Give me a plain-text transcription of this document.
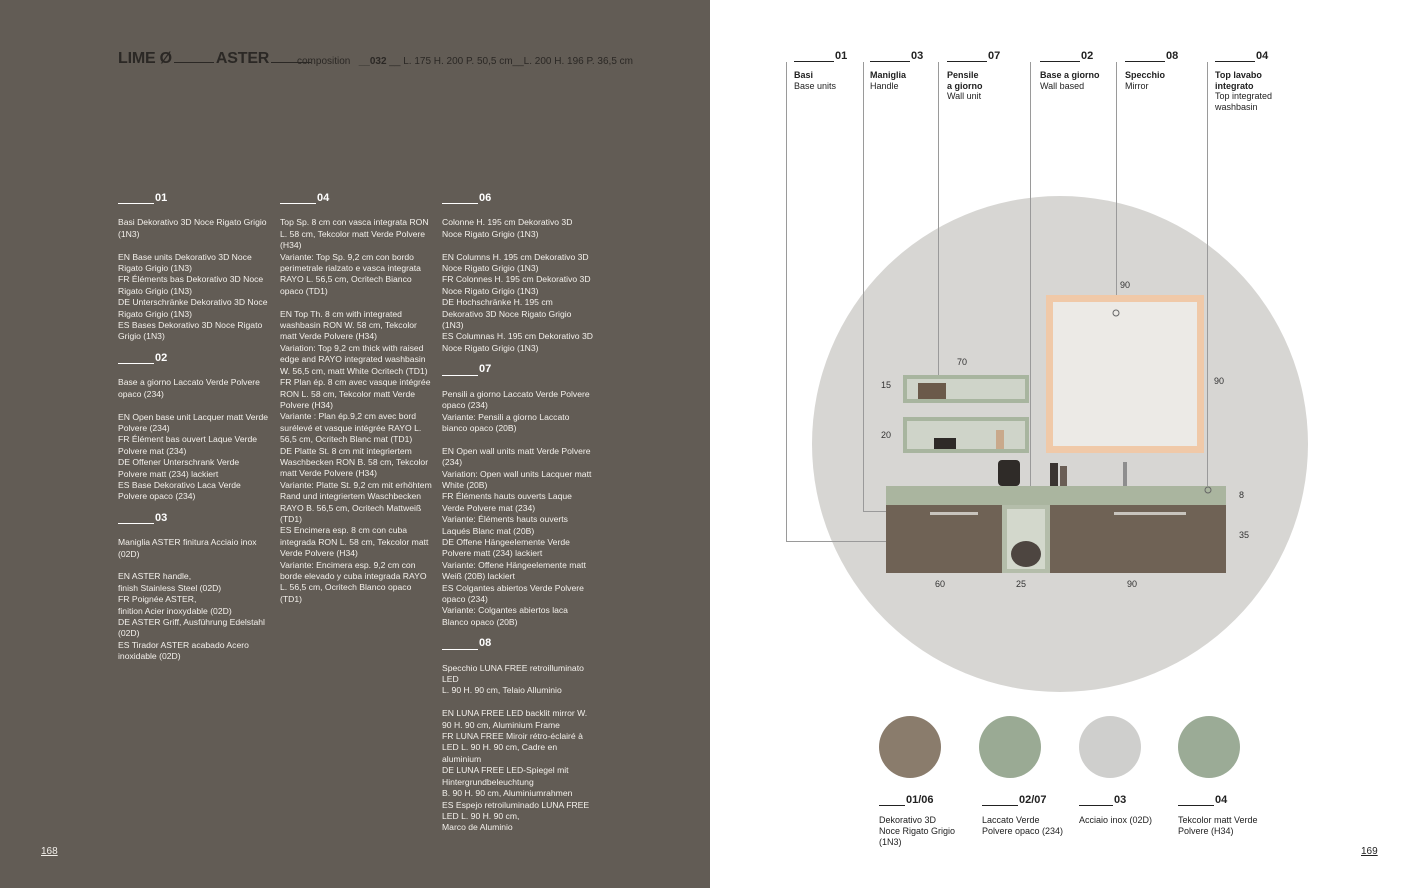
LIME Ø	ASTER	composition __032 __ L. 175 H. 200 P. 50,5 cm__L. 200 H. 196 P. 36,5 cm
01
Basi Dekorativo 3D Noce Rigato Grigio (1N3)

EN Base units Dekorativo 3D Noce Rigato Grigio (1N3)
FR Éléments bas Dekorativo 3D Noce Rigato Grigio (1N3)
DE Unterschränke Dekorativo 3D Noce Rigato Grigio (1N3)
ES Bases Dekorativo 3D Noce Rigato Grigio (1N3)
02
Base a giorno Laccato Verde Polvere opaco (234)

EN Open base unit Lacquer matt Verde Polvere (234)
FR Élément bas ouvert Laque Verde Polvere mat (234)
DE Offener Unterschrank Verde Polvere matt (234) lackiert
ES Base Dekorativo Laca Verde Polvere opaco (234)
03
Maniglia ASTER finitura Acciaio inox (02D)

EN ASTER handle,
finish Stainless Steel (02D)
FR Poignée ASTER,
finition Acier inoxydable (02D)
DE ASTER Griff, Ausführung Edelstahl (02D)
ES Tirador ASTER acabado Acero inoxidable (02D)
04
Top Sp. 8 cm con vasca integrata RON L. 58 cm, Tekcolor matt Verde Polvere (H34)
Variante: Top Sp. 9,2 cm con bordo perimetrale rialzato e vasca integrata RAYO L. 56,5 cm, Ocritech Bianco opaco (TD1)

EN Top Th. 8 cm with integrated washbasin RON W. 58 cm, Tekcolor matt Verde Polvere (H34)
Variation: Top 9,2 cm thick with raised edge and RAYO integrated washbasin W. 56,5 cm, matt White Ocritech (TD1)
FR Plan ép. 8 cm avec vasque intégrée RON L. 58 cm, Tekcolor matt Verde Polvere (H34)
Variante : Plan ép.9,2 cm avec bord surélevé et vasque intégrée RAYO L. 56,5 cm, Ocritech Blanc mat (TD1)
DE Platte St. 8 cm mit integriertem Waschbecken RON B. 58 cm, Tekcolor matt Verde Polvere (H34)
Variante: Platte St. 9,2 cm mit erhöhtem Rand und integriertem Waschbecken RAYO B. 56,5 cm, Ocritech Mattweiß (TD1)
ES Encimera esp. 8 cm con cuba integrada RON L. 58 cm, Tekcolor matt Verde Polvere (H34)
Variante: Encimera esp. 9,2 cm con borde elevado y cuba integrada RAYO L. 56,5 cm, Ocritech Blanco opaco (TD1)
06
Colonne H. 195 cm Dekorativo 3D Noce Rigato Grigio (1N3)

EN Columns H. 195 cm Dekorativo 3D Noce Rigato Grigio (1N3)
FR Colonnes H. 195 cm Dekorativo 3D Noce Rigato Grigio (1N3)
DE Hochschränke H. 195 cm Dekorativo 3D Noce Rigato Grigio (1N3)
ES Columnas H. 195 cm Dekorativo 3D Noce Rigato Grigio (1N3)
07
Pensili a giorno Laccato Verde Polvere opaco (234)
Variante: Pensili a giorno Laccato bianco opaco (20B)

EN Open wall units matt Verde Polvere (234)
Variation: Open wall units Lacquer matt White (20B)
FR Éléments hauts ouverts Laque Verde Polvere mat (234)
Variante: Éléments hauts ouverts Laqués Blanc mat (20B)
DE Offene Hängeelemente Verde Polvere matt (234) lackiert
Variante: Offene Hängeelemente matt Weiß (20B) lackiert
ES Colgantes abiertos Verde Polvere opaco (234)
Variante: Colgantes abiertos laca Blanco opaco (20B)
08
Specchio LUNA FREE retroilluminato LED
L. 90 H. 90 cm, Telaio Alluminio

EN LUNA FREE LED backlit mirror W. 90 H. 90 cm, Aluminium Frame
FR LUNA FREE Miroir rétro-éclairé à LED L. 90 H. 90 cm, Cadre en aluminium
DE LUNA FREE LED-Spiegel mit Hintergrundbeleuchtung
B. 90 H. 90 cm, Aluminiumrahmen
ES Espejo retroiluminado LUNA FREE LED L. 90 H. 90 cm,
Marco de Aluminio
168
01
Basi
Base units
03
Maniglia
Handle
07
Pensile
a giorno
Wall unit
02
Base a giorno
Wall based
08
Specchio
Mirror
04
Top lavabo
integrato
Top integrated
washbasin
90
90
70
15
20
8
35
60	25	90
01/06
Dekorativo 3D
Noce Rigato Grigio
(1N3)
02/07
Laccato Verde
Polvere opaco (234)
03
Acciaio inox (02D)
04
Tekcolor matt Verde
Polvere (H34)
169
